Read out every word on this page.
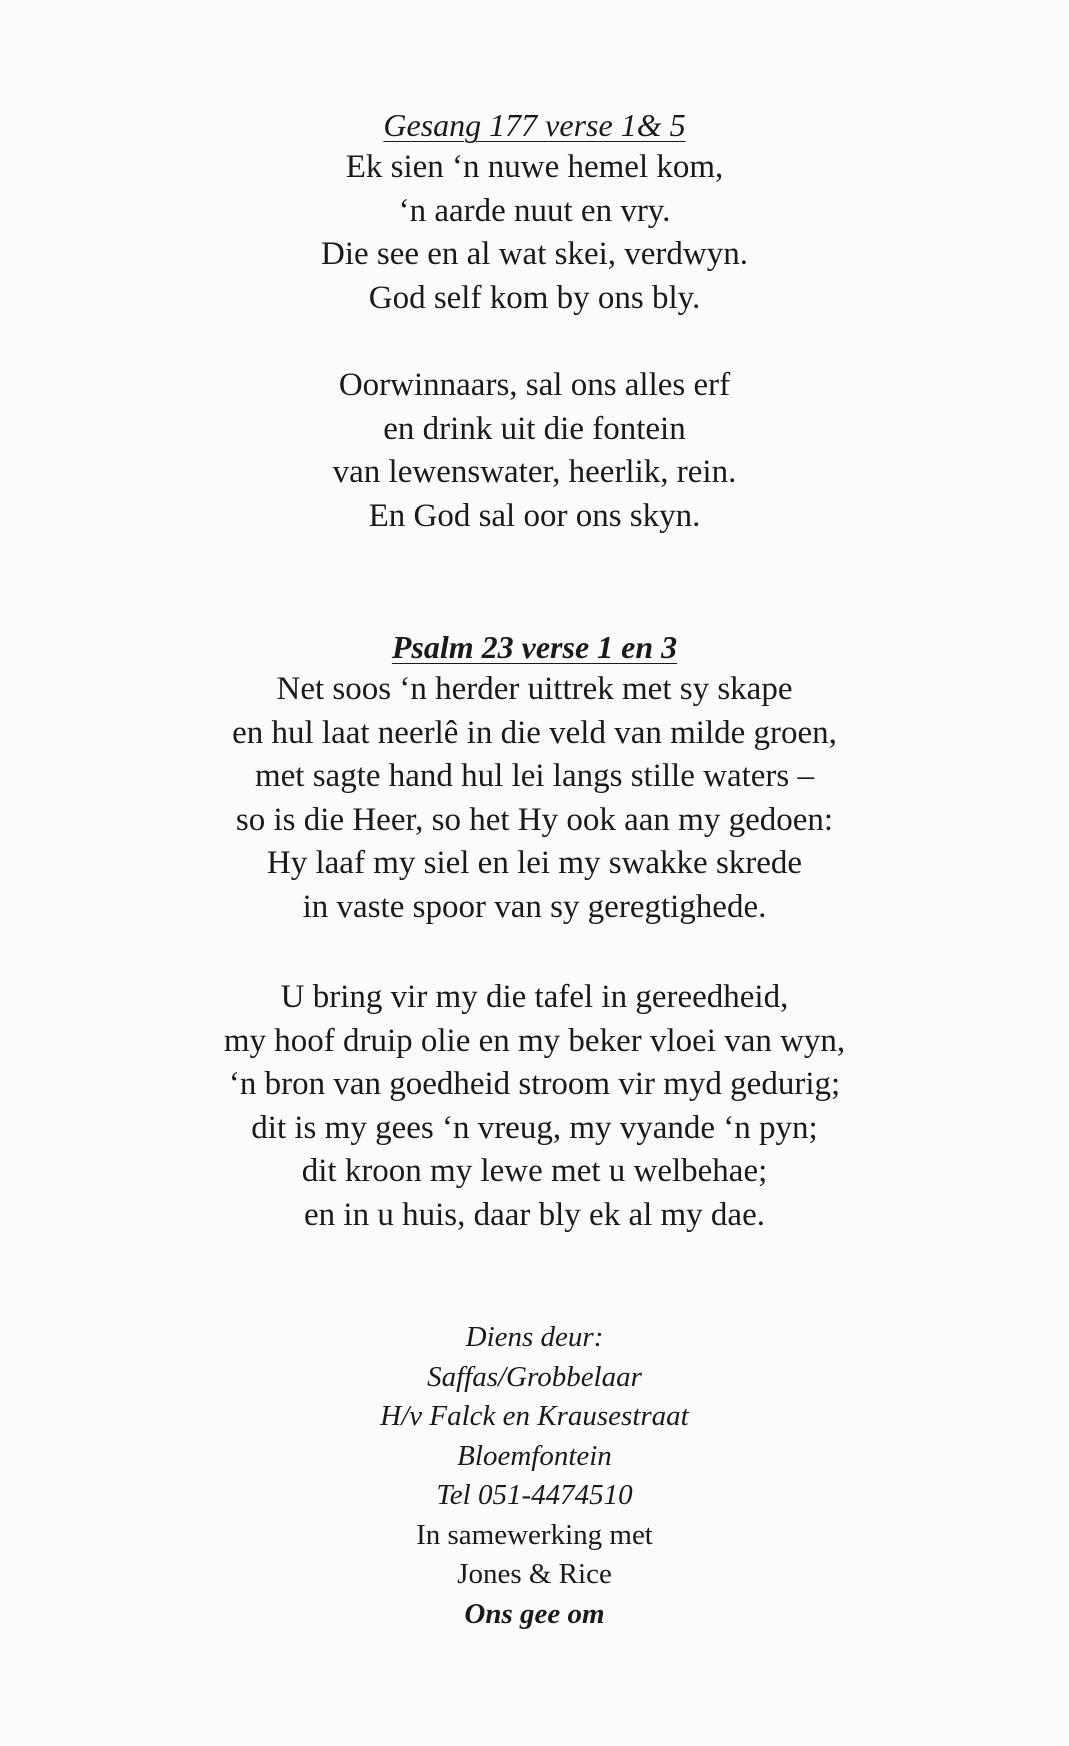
Gesang 177 verse 1& 5
Ek sien ‘n nuwe hemel kom,
‘n aarde nuut en vry.
Die see en al wat skei, verdwyn.
God self kom by ons bly.
Oorwinnaars, sal ons alles erf
en drink uit die fontein
van lewenswater, heerlik, rein.
En God sal oor ons skyn.
Psalm 23 verse 1 en 3
Net soos ‘n herder uittrek met sy skape
en hul laat neerlê in die veld van milde groen,
met sagte hand hul lei langs stille waters –
so is die Heer, so het Hy ook aan my gedoen:
Hy laaf my siel en lei my swakke skrede
in vaste spoor van sy geregtighede.
U bring vir my die tafel in gereedheid,
my hoof druip olie en my beker vloei van wyn,
‘n bron van goedheid stroom vir myd gedurig;
dit is my gees ‘n vreug, my vyande ‘n pyn;
dit kroon my lewe met u welbehae;
en in u huis, daar bly ek al my dae.
Diens deur:
Saffas/Grobbelaar
H/v Falck en Krausestraat
Bloemfontein
Tel 051-4474510
In samewerking met
Jones & Rice
Ons gee om
